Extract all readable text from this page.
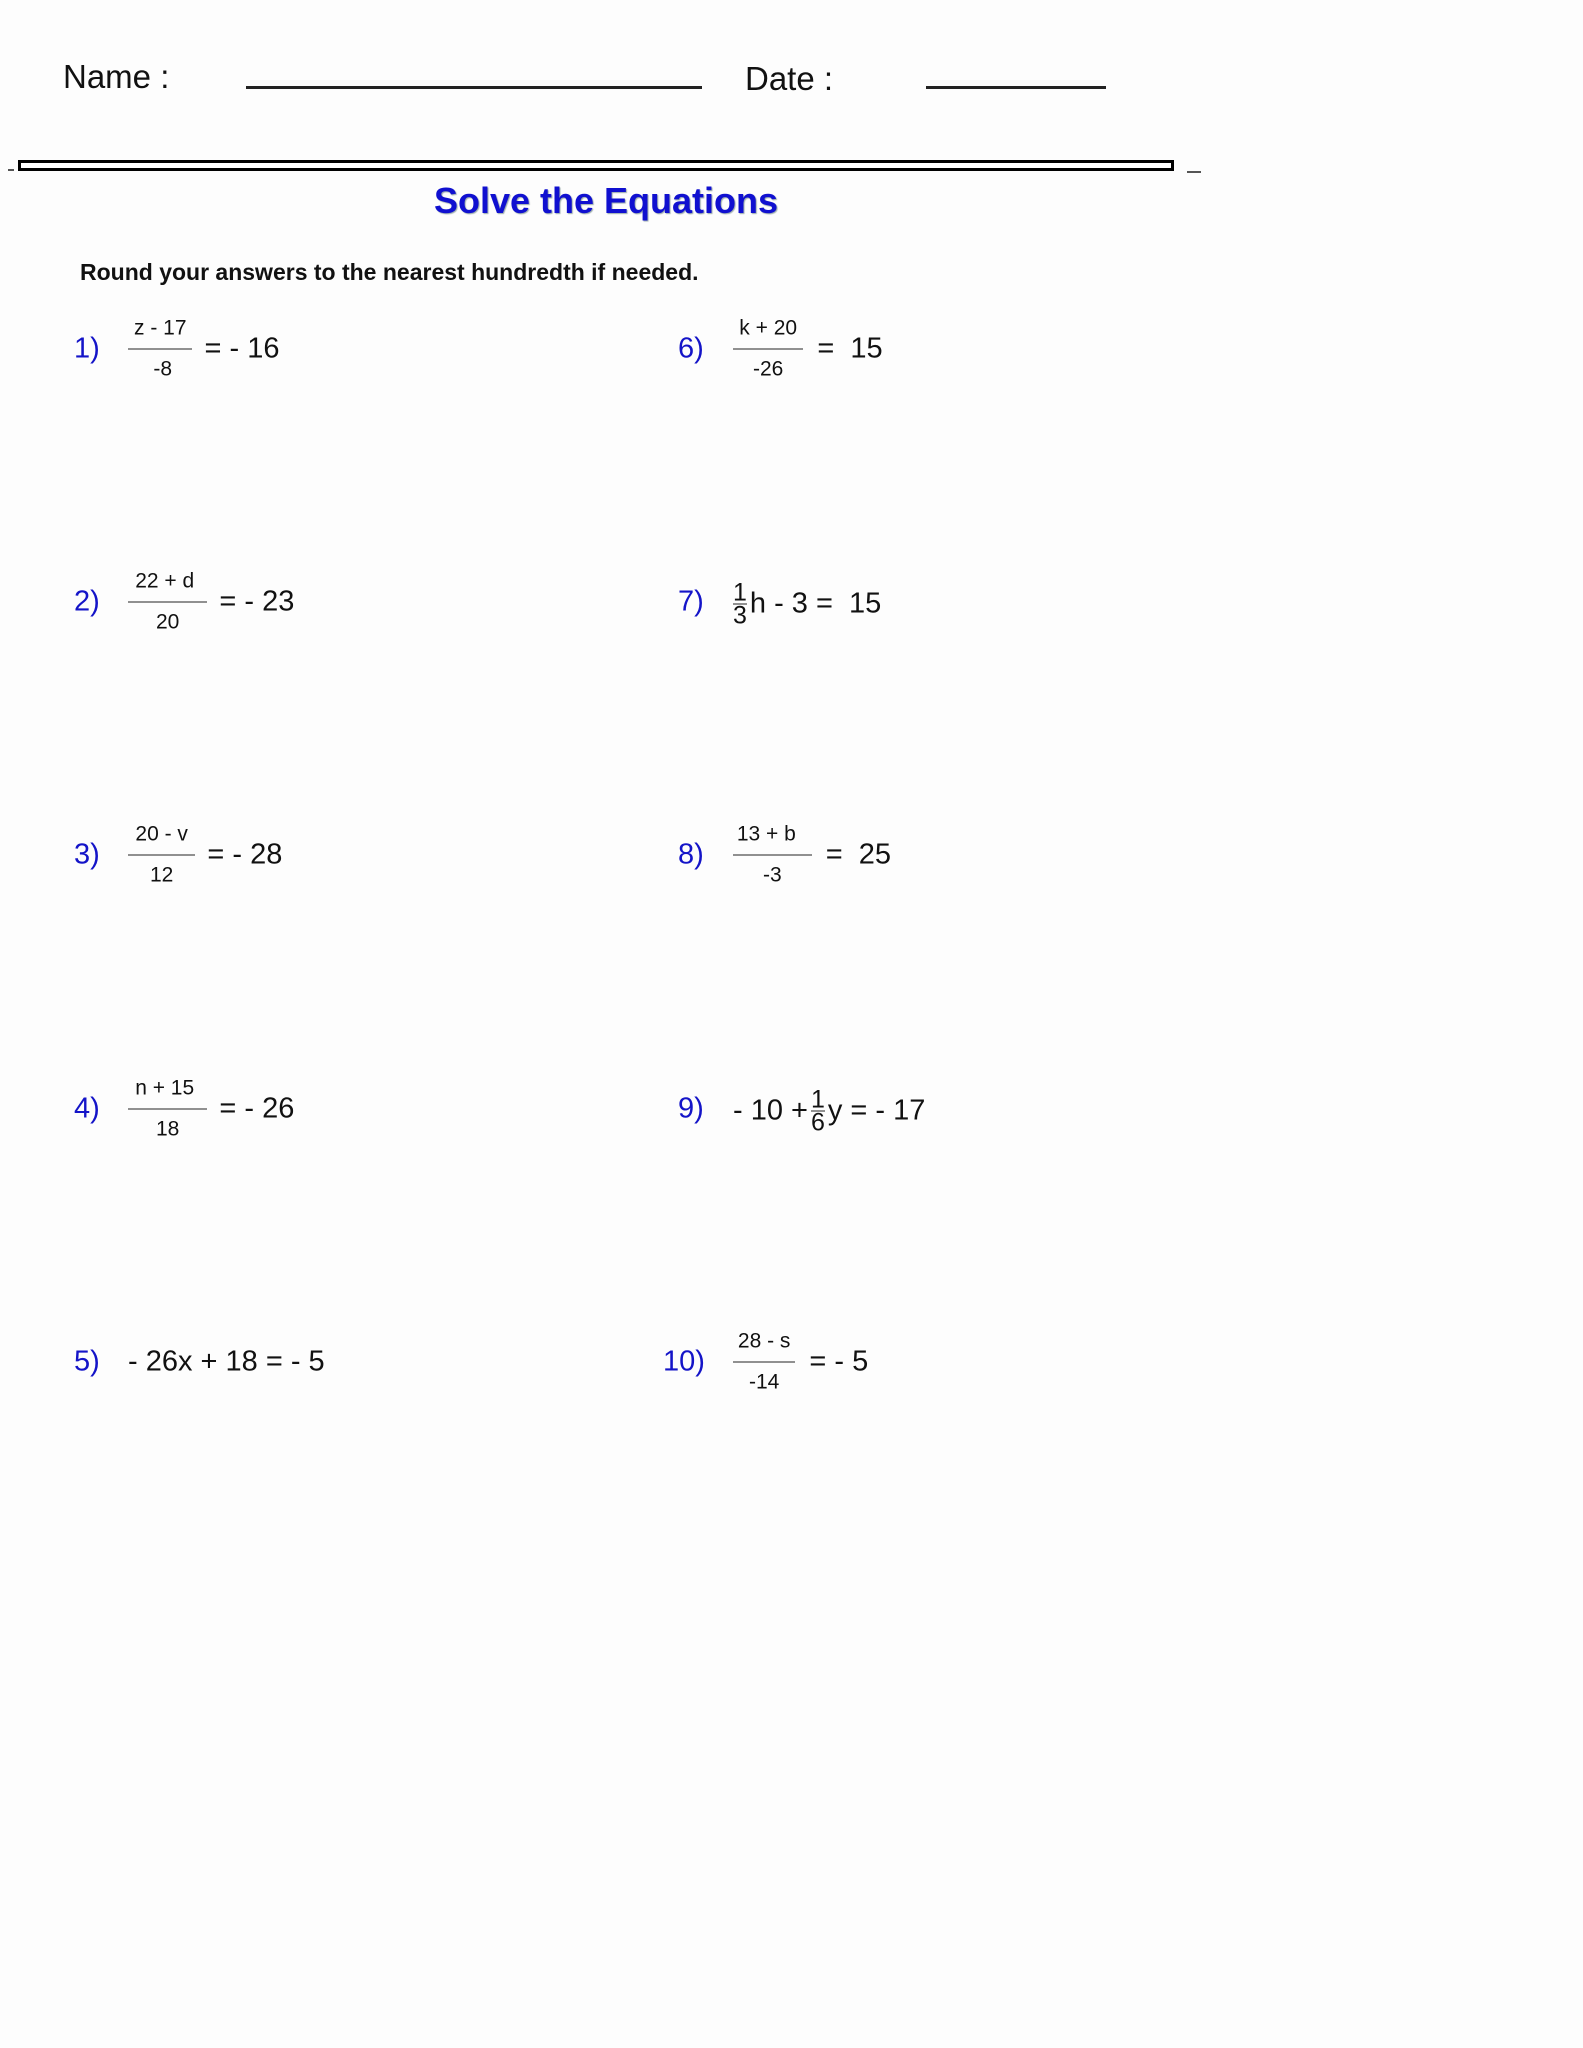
Name :	Date :
Solve the Equations
Round your answers to the nearest hundredth if needed.
$1) \frac{z - 17}{-8}$ = - 16
$2) \frac{22 + d}{20}$ = - 23
$3) \frac{20 - v}{12}$ = - 28
$4) \frac{n + 15}{18}$ = - 26
5) - 26x + 18 = - 5
$6) \frac{k + 20}{-26} = 15$
$7) \frac{1}{3}$ h - 3 =  15
$8) \frac{13 + b}{-3} = 25$
$9) - 10 + \frac{1}{6}$ y = - 17
$10) \frac{28 - s}{-14}$ = - 5
